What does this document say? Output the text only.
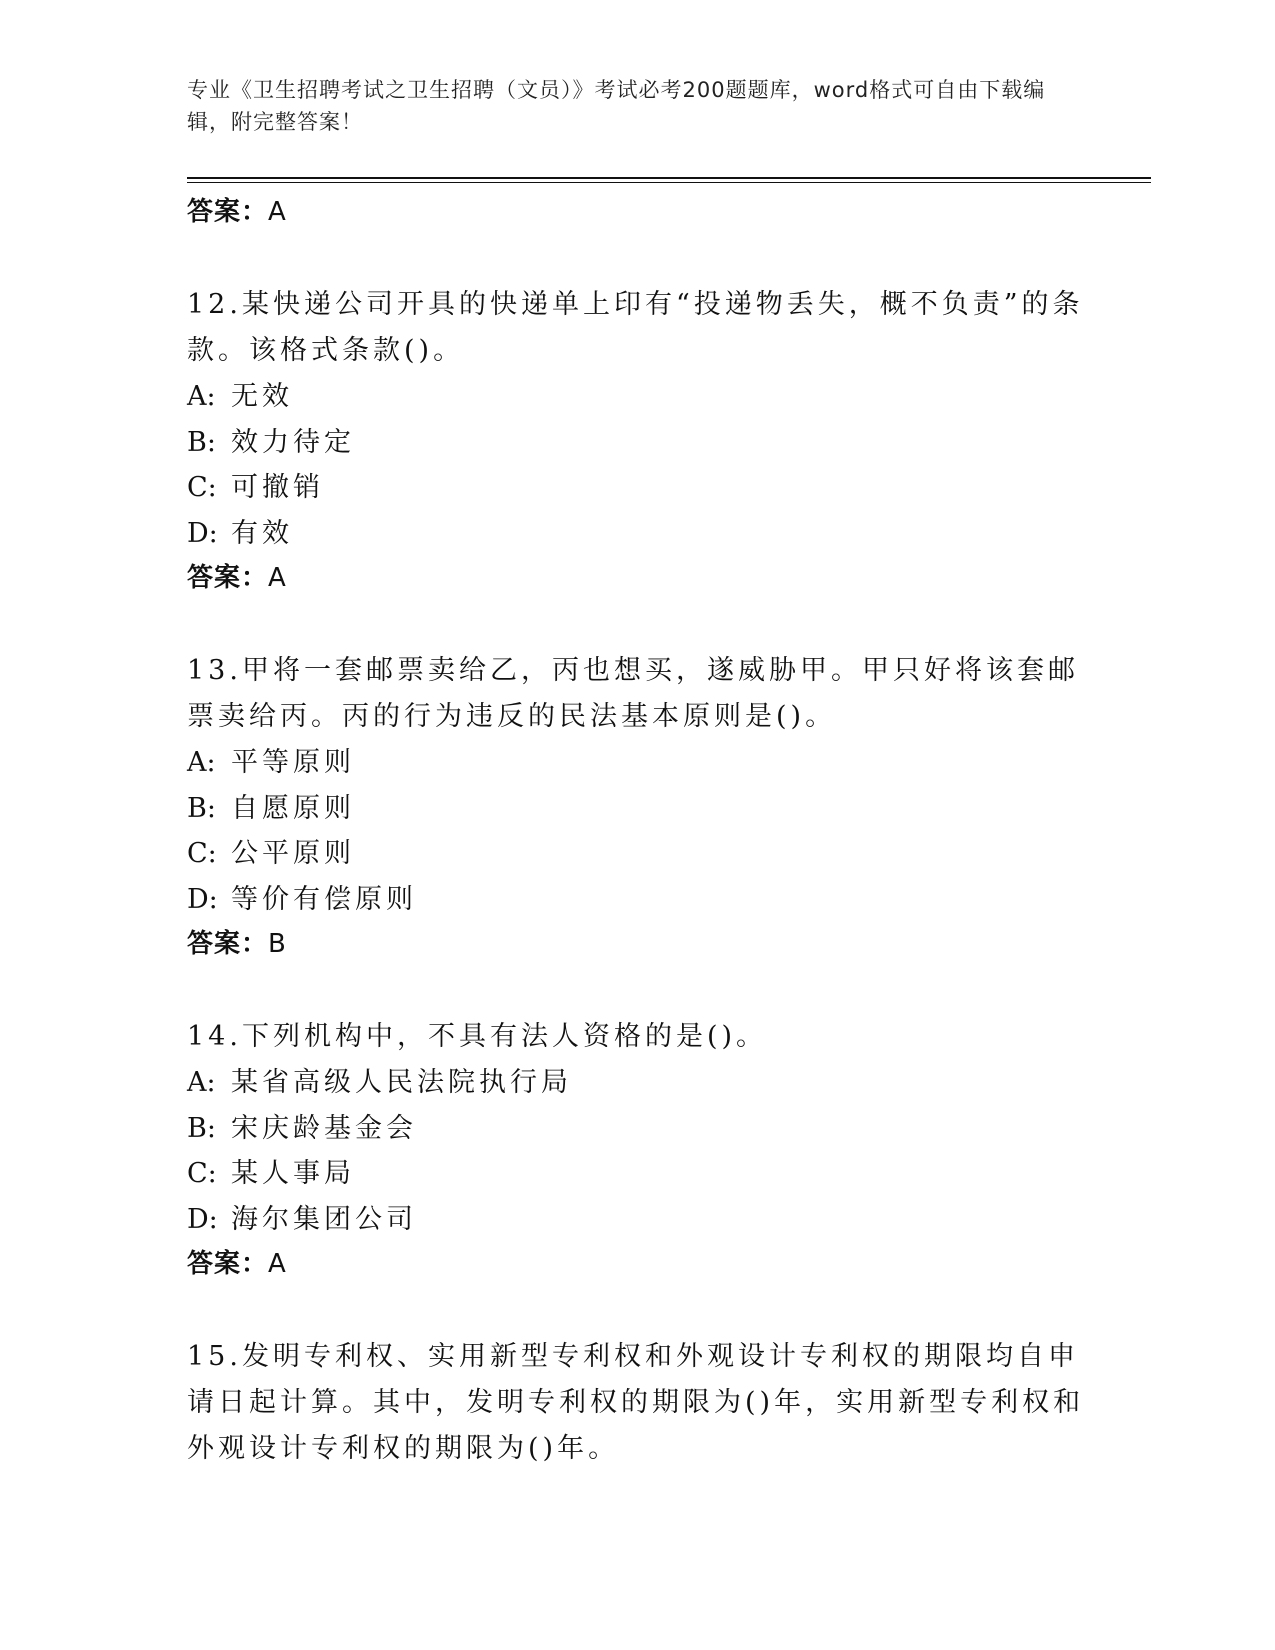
专业《卫生招聘考试之卫生招聘（文员）》考试必考200题题库，word格式可自由下载编辑，附完整答案！
答案：A
12.某快递公司开具的快递单上印有“投递物丢失，概不负责”的条款。该格式条款()。
A: 无效
B: 效力待定
C: 可撤销
D: 有效
答案：A
13.甲将一套邮票卖给乙，丙也想买，遂威胁甲。甲只好将该套邮票卖给丙。丙的行为违反的民法基本原则是()。
A: 平等原则
B: 自愿原则
C: 公平原则
D: 等价有偿原则
答案：B
14.下列机构中，不具有法人资格的是()。
A: 某省高级人民法院执行局
B: 宋庆龄基金会
C: 某人事局
D: 海尔集团公司
答案：A
15.发明专利权、实用新型专利权和外观设计专利权的期限均自申请日起计算。其中，发明专利权的期限为()年，实用新型专利权和外观设计专利权的期限为()年。
